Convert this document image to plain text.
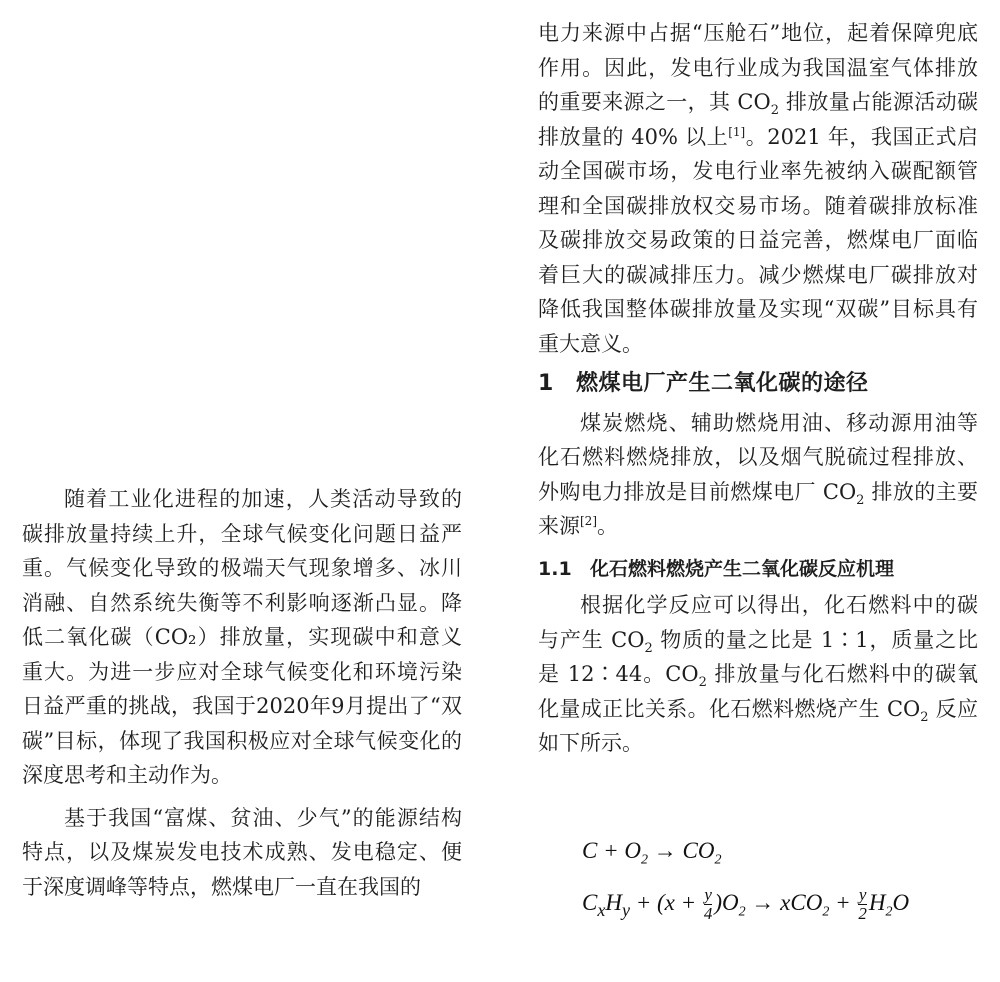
随着工业化进程的加速，人类活动导致的碳排放量持续上升，全球气候变化问题日益严重。气候变化导致的极端天气现象增多、冰川消融、自然系统失衡等不利影响逐渐凸显。降低二氧化碳（CO₂）排放量，实现碳中和意义重大。为进一步应对全球气候变化和环境污染日益严重的挑战，我国于2020年9月提出了“双碳”目标，体现了我国积极应对全球气候变化的深度思考和主动作为。

基于我国“富煤、贫油、少气”的能源结构特点，以及煤炭发电技术成熟、发电稳定、便于深度调峰等特点，燃煤电厂一直在我国的

电力来源中占据“压舱石”地位，起着保障兜底作用。因此，发电行业成为我国温室气体排放的重要来源之一，其 $CO_2$ 排放量占能源活动碳排放量的 40% 以上[1]。2021 年，我国正式启动全国碳市场，发电行业率先被纳入碳配额管理和全国碳排放权交易市场。随着碳排放标准及碳排放交易政策的日益完善，燃煤电厂面临着巨大的碳减排压力。减少燃煤电厂碳排放对降低我国整体碳排放量及实现“双碳”目标具有重大意义。

1 燃煤电厂产生二氧化碳的途径

煤炭燃烧、辅助燃烧用油、移动源用油等化石燃料燃烧排放，以及烟气脱硫过程排放、外购电力排放是目前燃煤电厂 $CO_2$ 排放的主要来源[2]。

1.1 化石燃料燃烧产生二氧化碳反应机理

根据化学反应可以得出，化石燃料中的碳与产生 $CO_2$ 物质的量之比是 1∶1，质量之比是 12∶44。$CO_2$ 排放量与化石燃料中的碳氧化量成正比关系。化石燃料燃烧产生 $CO_2$ 反应如下所示。

$C + O_2 \to CO_2$
$C_xH_y + (x + \frac{y}{4} )O_2 \to xCO_2 + \frac{y}{2} H_2O$
